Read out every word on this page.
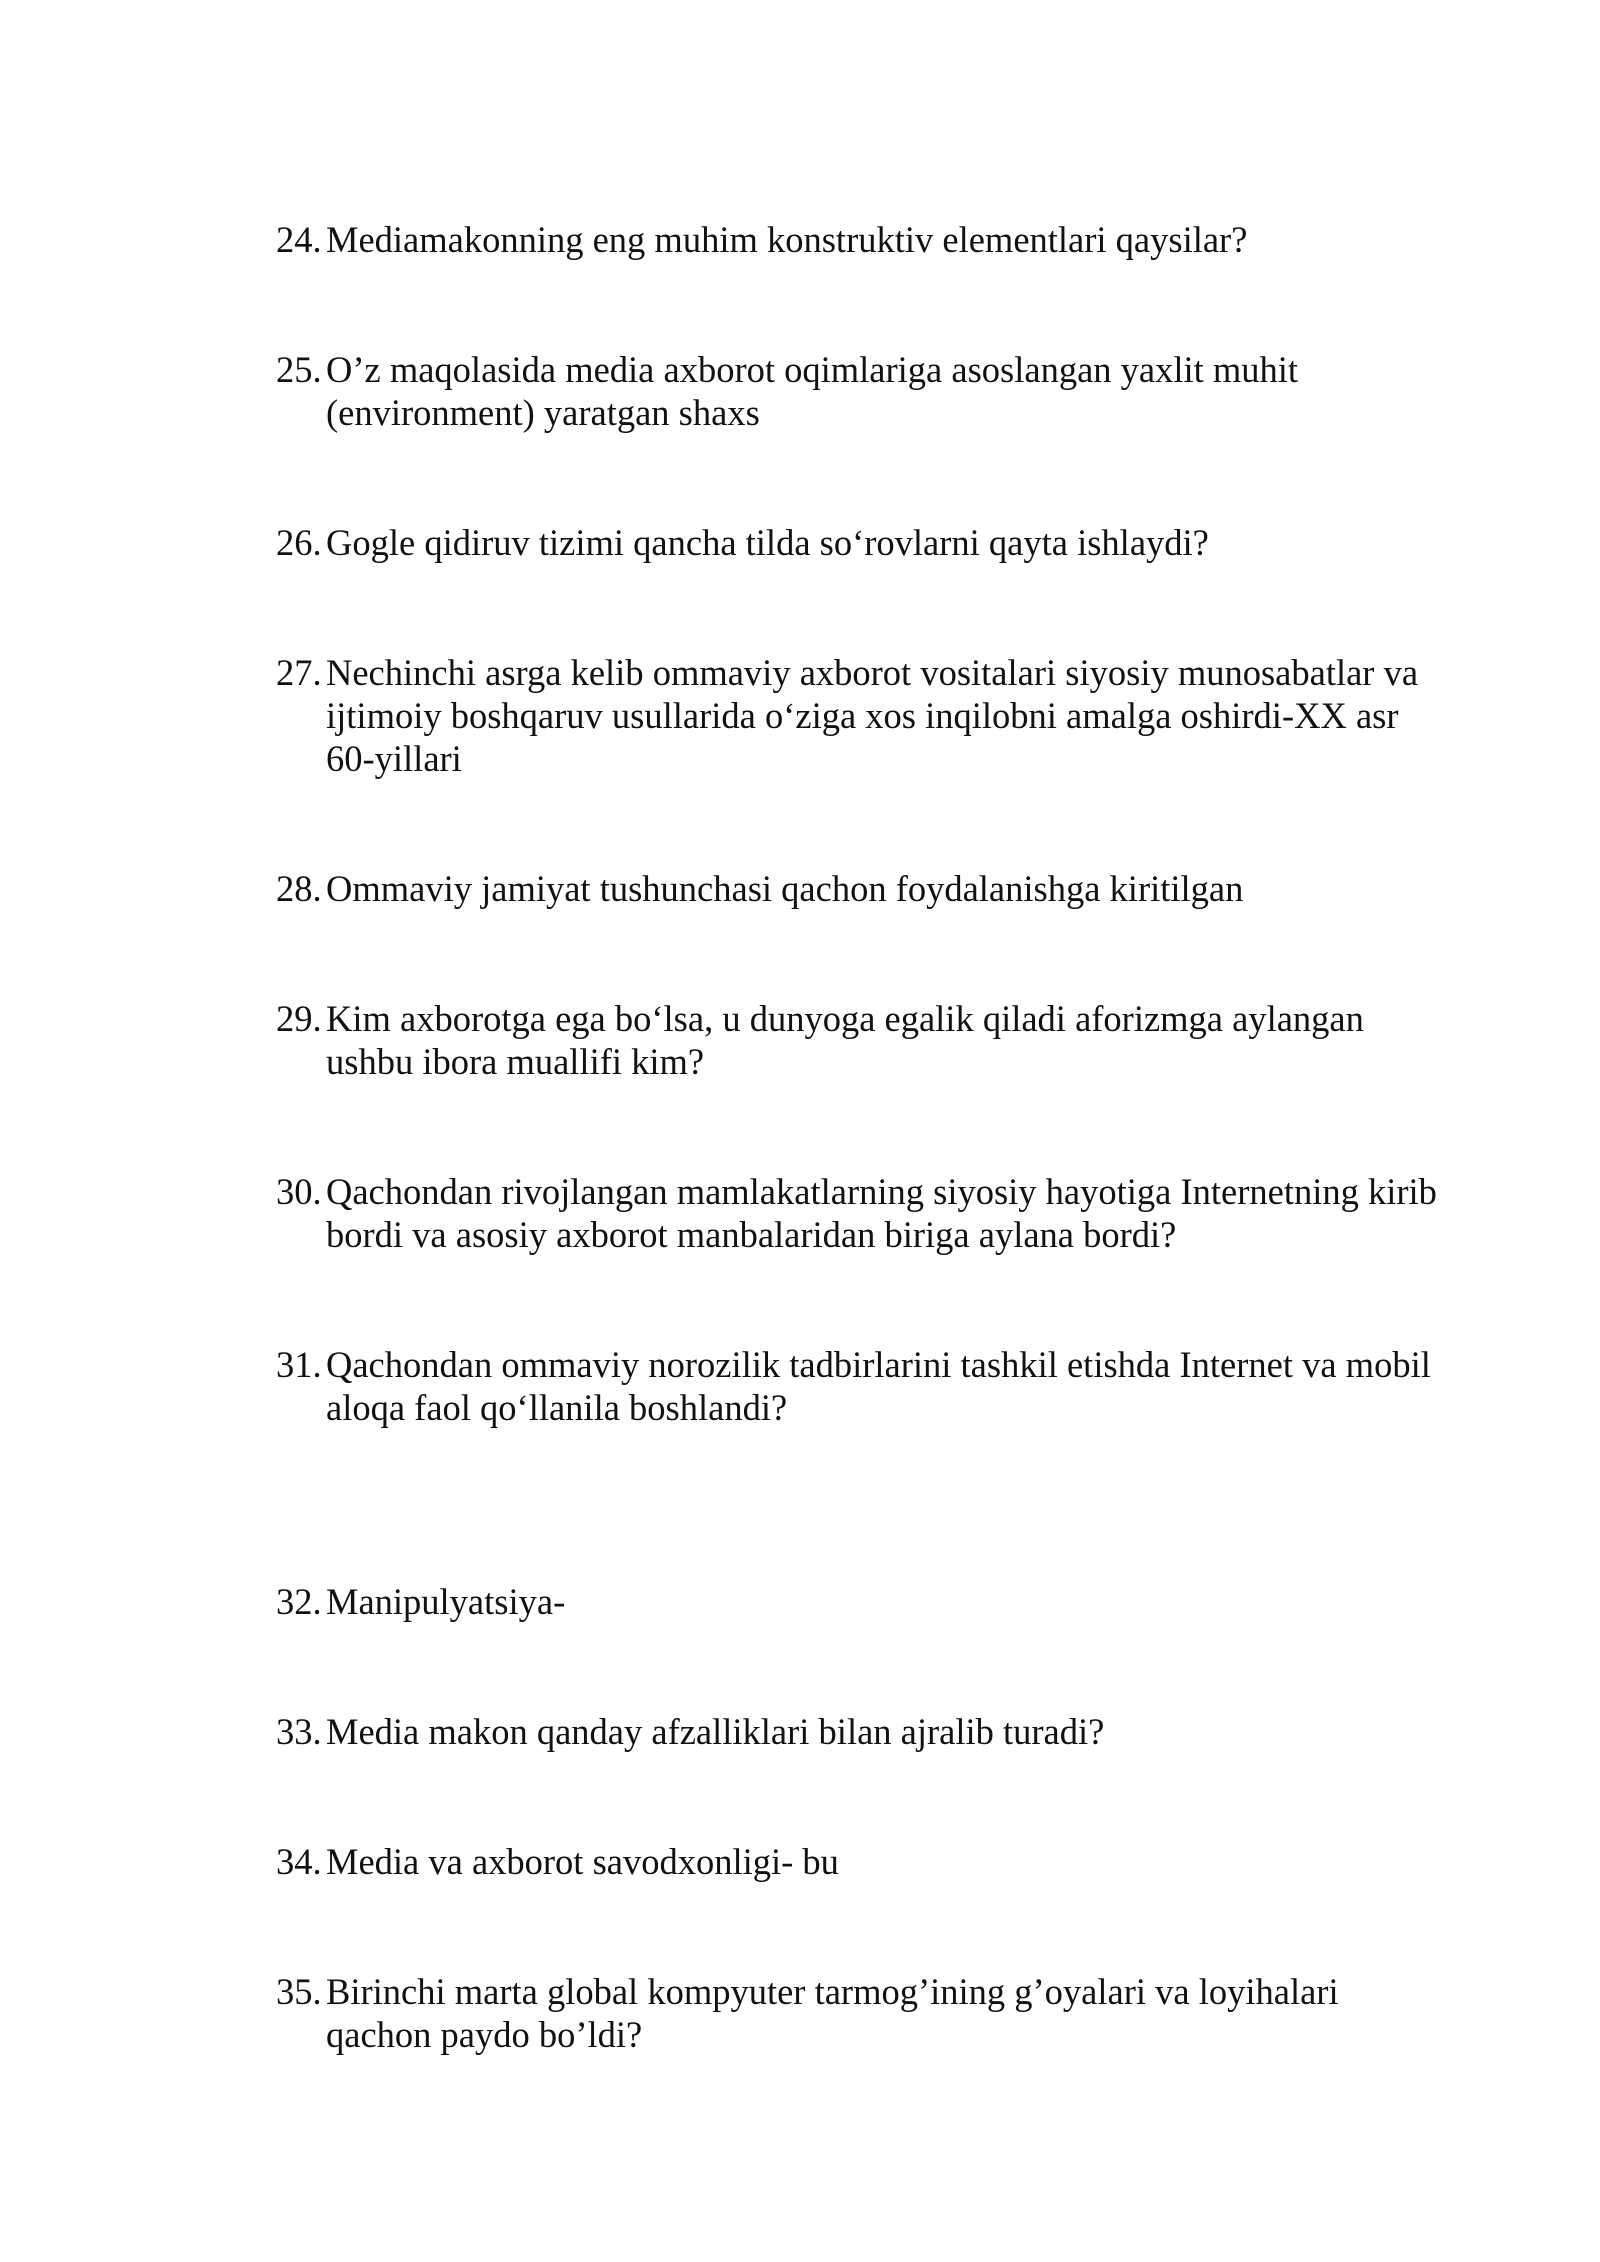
24. Mediamakonning eng muhim konstruktiv elementlari qaysilar?
25. O’z maqolasida media axborot oqimlariga asoslangan yaxlit muhit
(environment) yaratgan shaxs
26. Gogle qidiruv tizimi qancha tilda so‘rovlarni qayta ishlaydi?
27. Nechinchi asrga kelib ommaviy axborot vositalari siyosiy munosabatlar va
ijtimoiy boshqaruv usullarida o‘ziga xos inqilobni amalga oshirdi-XX asr
60-yillari
28. Ommaviy jamiyat tushunchasi qachon foydalanishga kiritilgan
29. Kim axborotga ega bo‘lsa, u dunyoga egalik qiladi aforizmga aylangan
ushbu ibora muallifi kim?
30. Qachondan rivojlangan mamlakatlarning siyosiy hayotiga Internetning kirib
bordi va asosiy axborot manbalaridan biriga aylana bordi?
31. Qachondan ommaviy norozilik tadbirlarini tashkil etishda Internet va mobil
aloqa faol qo‘llanila boshlandi?
32. Manipulyatsiya-
33. Media makon qanday afzalliklari bilan ajralib turadi?
34. Media va axborot savodxonligi- bu
35. Birinchi marta global kompyuter tarmog’ining g’oyalari va loyihalari
qachon paydo bo’ldi?
